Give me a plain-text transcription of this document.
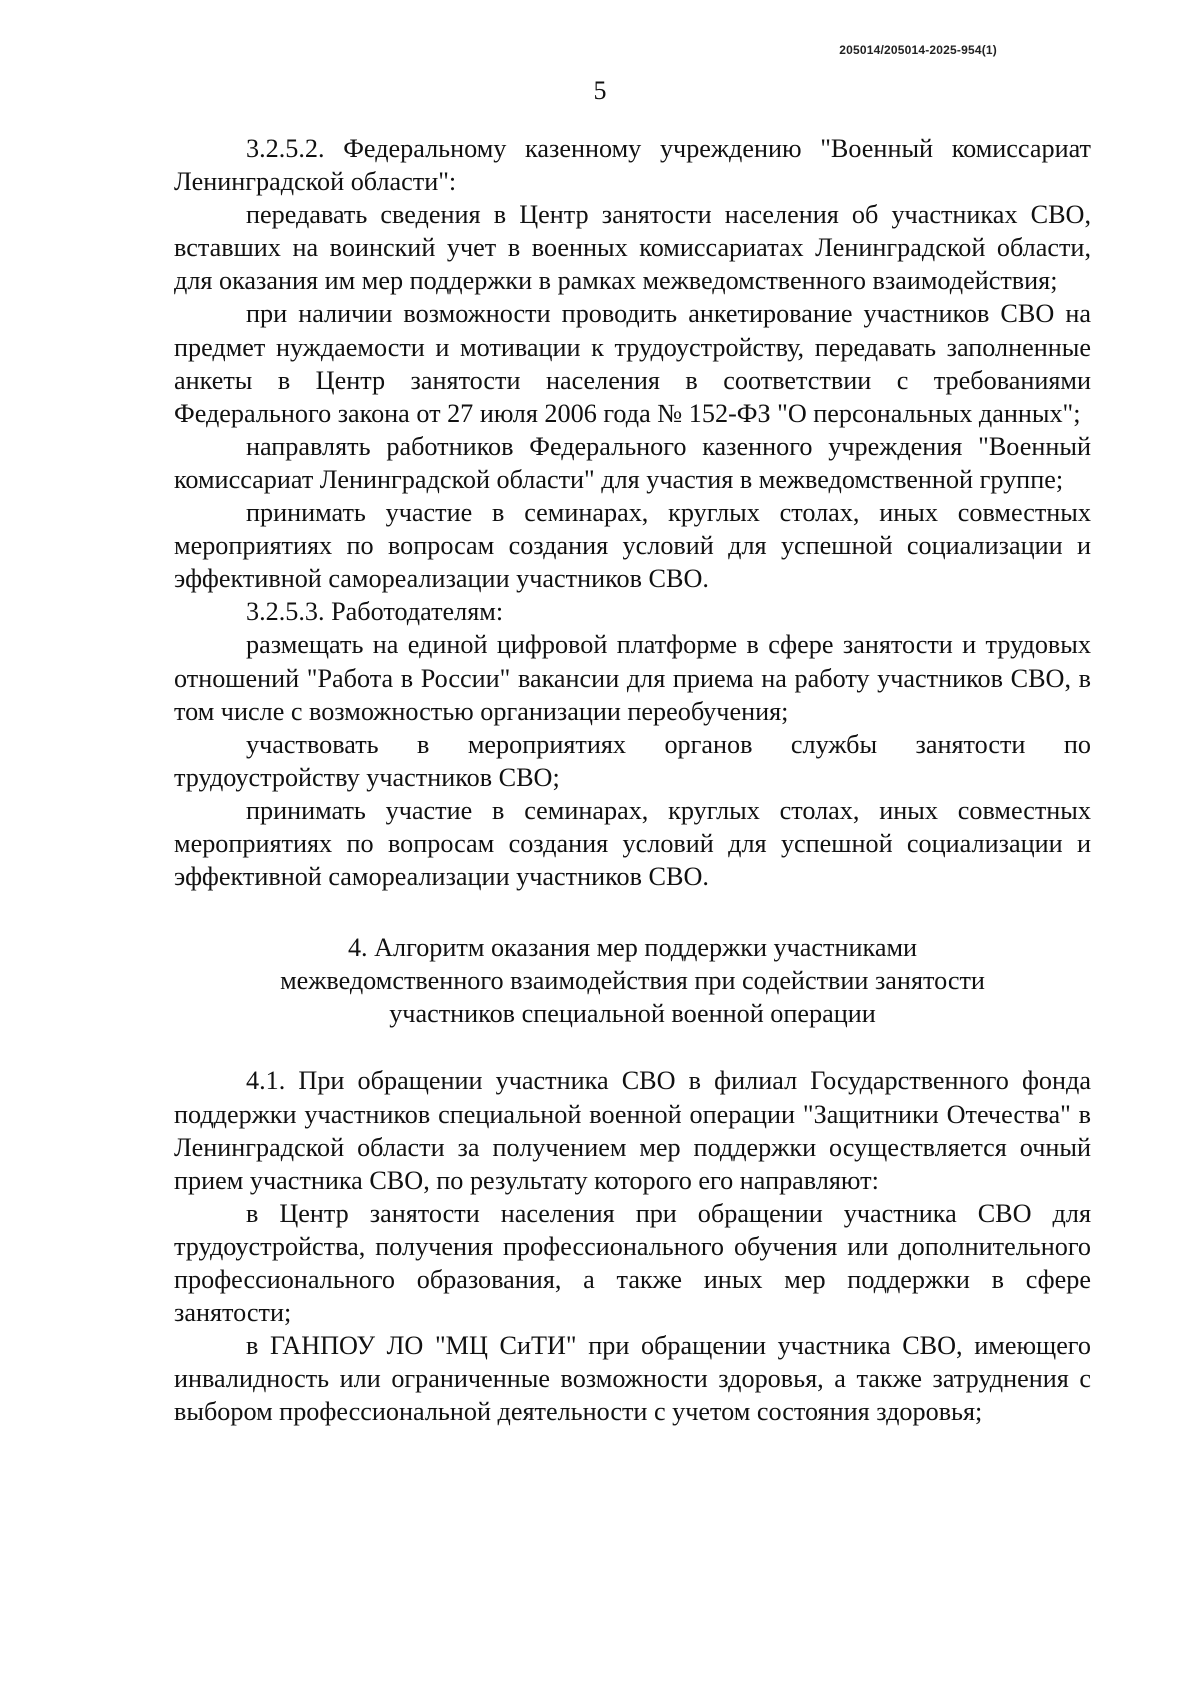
205014/205014-2025-954(1)
5

3.2.5.2. Федеральному казенному учреждению "Военный комиссариат Ленинградской области":

передавать сведения в Центр занятости населения об участниках СВО, вставших на воинский учет в военных комиссариатах Ленинградской области, для оказания им мер поддержки в рамках межведомственного взаимодействия;

при наличии возможности проводить анкетирование участников СВО на предмет нуждаемости и мотивации к трудоустройству, передавать заполненные анкеты в Центр занятости населения в соответствии с требованиями Федерального закона от 27 июля 2006 года № 152-ФЗ "О персональных данных";

направлять работников Федерального казенного учреждения "Военный комиссариат Ленинградской области" для участия в межведомственной группе;

принимать участие в семинарах, круглых столах, иных совместных мероприятиях по вопросам создания условий для успешной социализации и эффективной самореализации участников СВО.

3.2.5.3. Работодателям:

размещать на единой цифровой платформе в сфере занятости и трудовых отношений "Работа в России" вакансии для приема на работу участников СВО, в том числе с возможностью организации переобучения;

участвовать в мероприятиях органов службы занятости по трудоустройству участников СВО;

принимать участие в семинарах, круглых столах, иных совместных мероприятиях по вопросам создания условий для успешной социализации и эффективной самореализации участников СВО.

4. Алгоритм оказания мер поддержки участниками
межведомственного взаимодействия при содействии занятости
участников специальной военной операции

4.1. При обращении участника СВО в филиал Государственного фонда поддержки участников специальной военной операции "Защитники Отечества" в Ленинградской области за получением мер поддержки осуществляется очный прием участника СВО, по результату которого его направляют:

в Центр занятости населения при обращении участника СВО для трудоустройства, получения профессионального обучения или дополнительного профессионального образования, а также иных мер поддержки в сфере занятости;

в ГАНПОУ ЛО "МЦ СиТИ" при обращении участника СВО, имеющего инвалидность или ограниченные возможности здоровья, а также затруднения с выбором профессиональной деятельности с учетом состояния здоровья;
